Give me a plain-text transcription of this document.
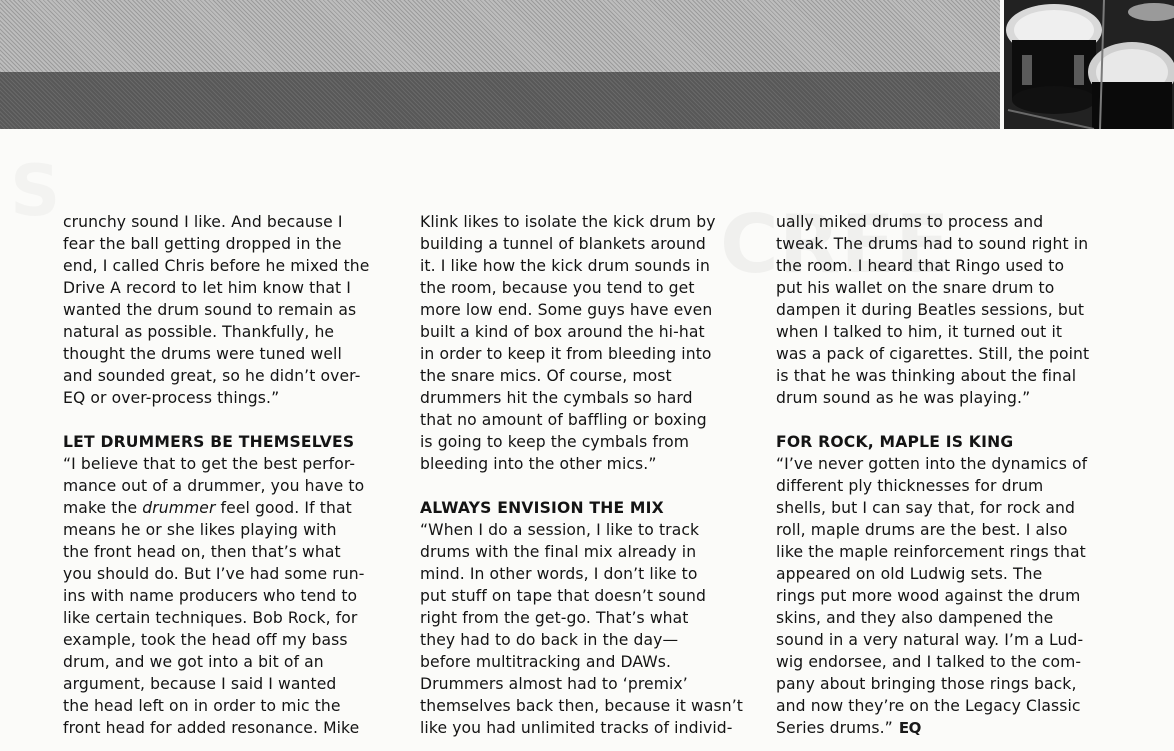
crunchy sound I like. And because I
fear the ball getting dropped in the
end, I called Chris before he mixed the
Drive A record to let him know that I
wanted the drum sound to remain as
natural as possible. Thankfully, he
thought the drums were tuned well
and sounded great, so he didn’t over-
EQ or over-process things.”

LET DRUMMERS BE THEMSELVES

“I believe that to get the best perfor-
mance out of a drummer, you have to
make the drummer feel good. If that
means he or she likes playing with
the front head on, then that’s what
you should do. But I’ve had some run-
ins with name producers who tend to
like certain techniques. Bob Rock, for
example, took the head off my bass
drum, and we got into a bit of an
argument, because I said I wanted
the head left on in order to mic the
front head for added resonance. Mike

Klink likes to isolate the kick drum by
building a tunnel of blankets around
it. I like how the kick drum sounds in
the room, because you tend to get
more low end. Some guys have even
built a kind of box around the hi-hat
in order to keep it from bleeding into
the snare mics. Of course, most
drummers hit the cymbals so hard
that no amount of baffling or boxing
is going to keep the cymbals from
bleeding into the other mics.”

ALWAYS ENVISION THE MIX

“When I do a session, I like to track
drums with the final mix already in
mind. In other words, I don’t like to
put stuff on tape that doesn’t sound
right from the get-go. That’s what
they had to do back in the day—
before multitracking and DAWs.
Drummers almost had to ‘premix’
themselves back then, because it wasn’t
like you had unlimited tracks of individ-

ually miked drums to process and
tweak. The drums had to sound right in
the room. I heard that Ringo used to
put his wallet on the snare drum to
dampen it during Beatles sessions, but
when I talked to him, it turned out it
was a pack of cigarettes. Still, the point
is that he was thinking about the final
drum sound as he was playing.”

FOR ROCK, MAPLE IS KING

“I’ve never gotten into the dynamics of
different ply thicknesses for drum
shells, but I can say that, for rock and
roll, maple drums are the best. I also
like the maple reinforcement rings that
appeared on old Ludwig sets. The
rings put more wood against the drum
skins, and they also dampened the
sound in a very natural way. I’m a Lud-
wig endorsee, and I talked to the com-
pany about bringing those rings back,
and now they’re on the Legacy Classic
Series drums.” EQ
